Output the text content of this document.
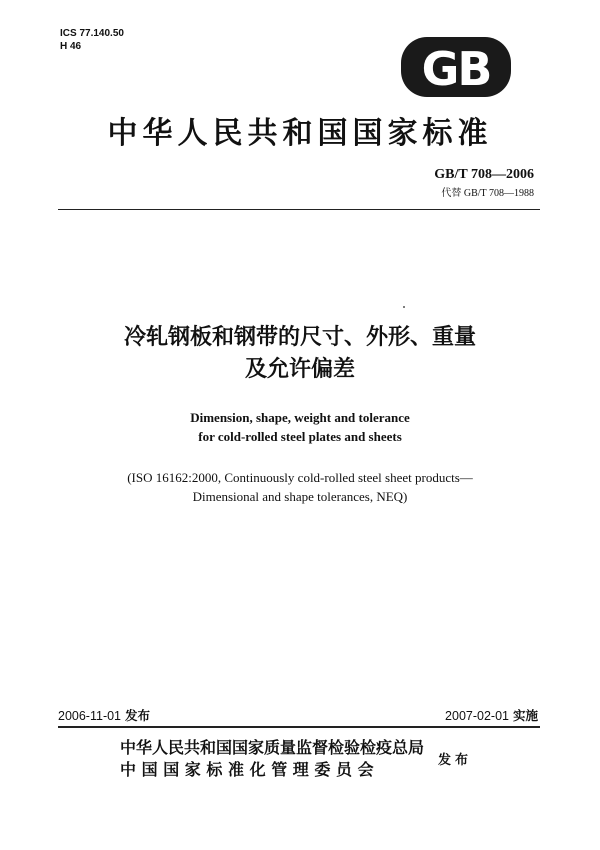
ICS 77.140.50
H 46	GB
中华人民共和国国家标准
GB/T 708—2006
代替 GB/T 708—1988
冷轧钢板和钢带的尺寸、外形、重量
及允许偏差
Dimension, shape, weight and tolerance
for cold-rolled steel plates and sheets
(ISO 16162:2000, Continuously cold-rolled steel sheet products—
Dimensional and shape tolerances, NEQ)
2006-11-01 发布	2007-02-01 实施
中华人民共和国国家质量监督检验检疫总局
中国国家标准化管理委员会	发布
